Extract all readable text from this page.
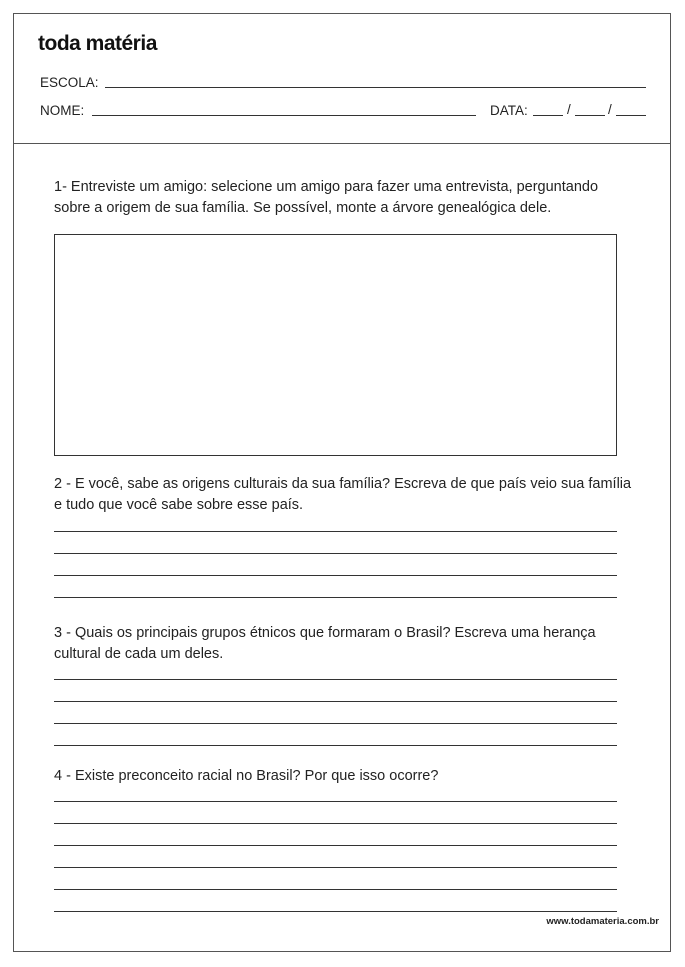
toda matéria
ESCOLA:
NOME:	DATA:	/	/
1- Entreviste um amigo: selecione um amigo para fazer uma entrevista, perguntando sobre a origem de sua família. Se possível, monte a árvore genealógica dele.
2 - E você, sabe as origens culturais da sua família? Escreva de que país veio sua família e tudo que você sabe sobre esse país.
3 - Quais os principais grupos étnicos que formaram o Brasil? Escreva uma herança cultural de cada um deles.
4 - Existe preconceito racial no Brasil? Por que isso ocorre?
www.todamateria.com.br
